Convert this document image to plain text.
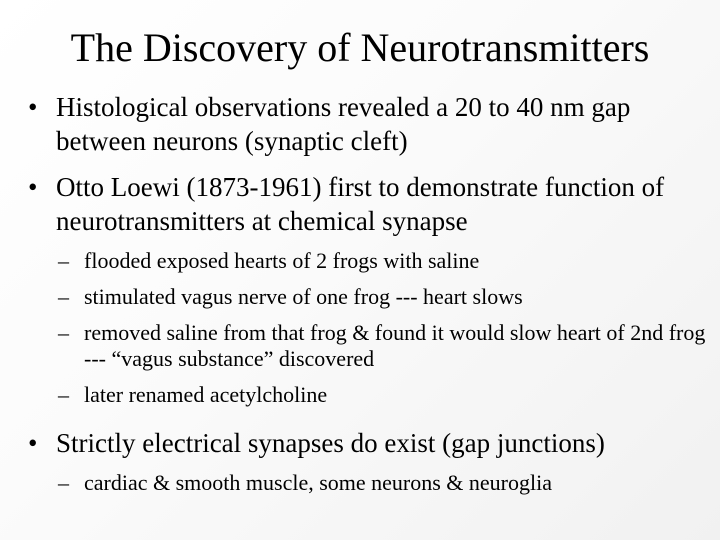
The Discovery of Neurotransmitters
• Histological observations revealed a 20 to 40 nm gap between neurons (synaptic cleft)
• Otto Loewi (1873-1961) first to demonstrate function of neurotransmitters at chemical synapse
– flooded exposed hearts of 2 frogs with saline
– stimulated vagus nerve of one frog --- heart slows
– removed saline from that frog & found it would slow heart of 2nd frog --- “vagus substance” discovered
– later renamed acetylcholine
• Strictly electrical synapses do exist (gap junctions)
– cardiac & smooth muscle, some neurons & neuroglia
